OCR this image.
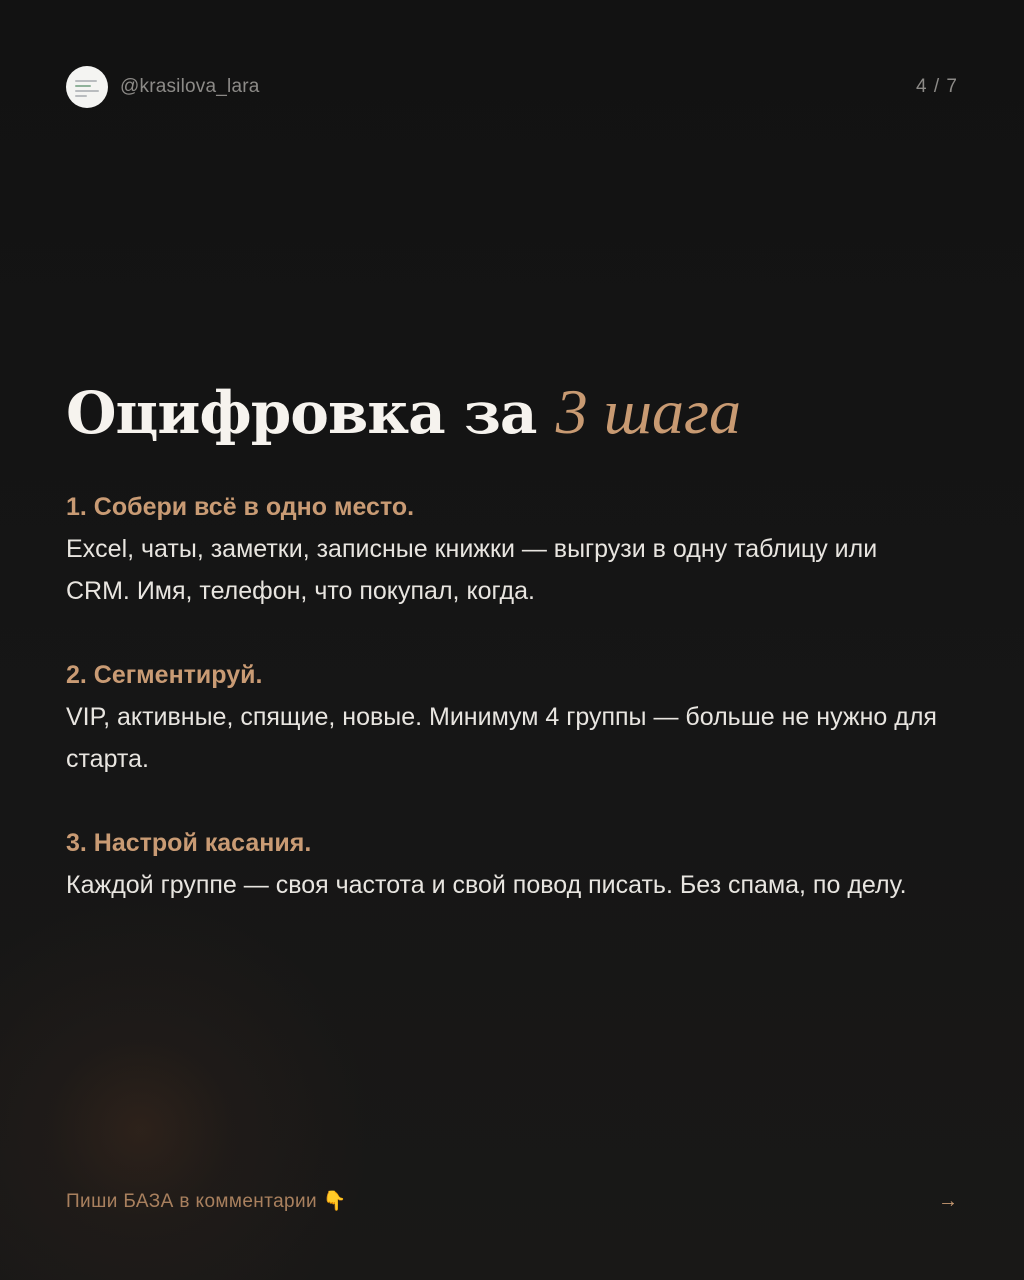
@krasilova_lara	4 / 7
Оцифровка за 3 шага
1. Собери всё в одно место.
Excel, чаты, заметки, записные книжки — выгрузи в одну таблицу или CRM. Имя, телефон, что покупал, когда.
2. Сегментируй.
VIP, активные, спящие, новые. Минимум 4 группы — больше не нужно для старта.
3. Настрой касания.
Каждой группе — своя частота и свой повод писать. Без спама, по делу.
Пиши БАЗА в комментарии 👇	→
